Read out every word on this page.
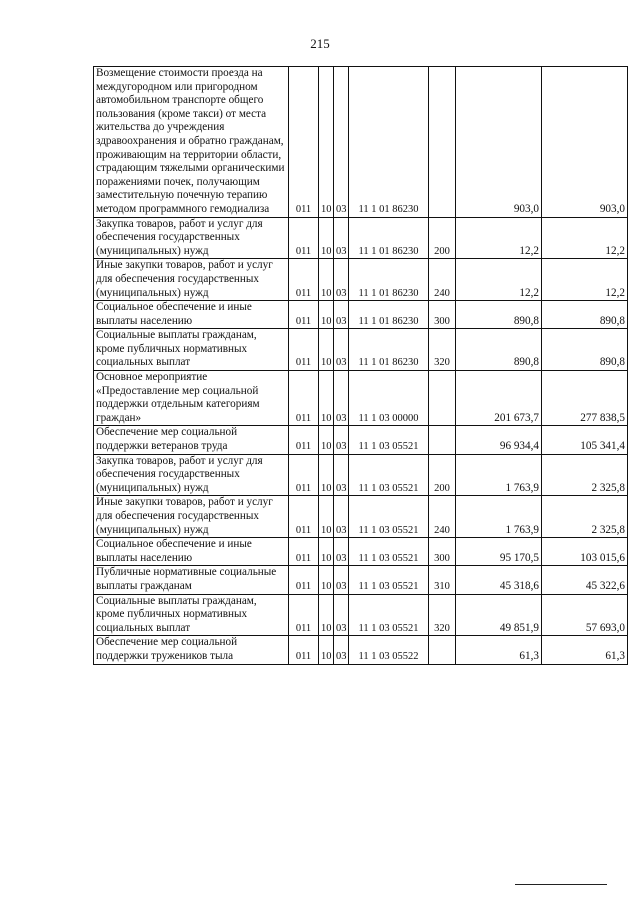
215
Возмещение стоимости проезда на междугородном или пригородном автомобильном транспорте общего пользования (кроме такси) от места жительства до учреждения здравоохранения и обратно гражданам, проживающим на территории области, страдающим тяжелыми органическими поражениями почек, получающим заместительную почечную терапию методом программного гемодиализа	011	10	03	11 1 01 86230		903,0	903,0
Закупка товаров, работ и услуг для обеспечения государственных (муниципальных) нужд	011	10	03	11 1 01 86230	200	12,2	12,2
Иные закупки товаров, работ и услуг для обеспечения государственных (муниципальных) нужд	011	10	03	11 1 01 86230	240	12,2	12,2
Социальное обеспечение и иные выплаты населению	011	10	03	11 1 01 86230	300	890,8	890,8
Социальные выплаты гражданам, кроме публичных нормативных социальных выплат	011	10	03	11 1 01 86230	320	890,8	890,8
Основное мероприятие «Предоставление мер социальной поддержки отдельным категориям граждан»	011	10	03	11 1 03 00000		201 673,7	277 838,5
Обеспечение мер социальной поддержки ветеранов труда	011	10	03	11 1 03 05521		96 934,4	105 341,4
Закупка товаров, работ и услуг для обеспечения государственных (муниципальных) нужд	011	10	03	11 1 03 05521	200	1 763,9	2 325,8
Иные закупки товаров, работ и услуг для обеспечения государственных (муниципальных) нужд	011	10	03	11 1 03 05521	240	1 763,9	2 325,8
Социальное обеспечение и иные выплаты населению	011	10	03	11 1 03 05521	300	95 170,5	103 015,6
Публичные нормативные социальные выплаты гражданам	011	10	03	11 1 03 05521	310	45 318,6	45 322,6
Социальные выплаты гражданам, кроме публичных нормативных социальных выплат	011	10	03	11 1 03 05521	320	49 851,9	57 693,0
Обеспечение мер социальной поддержки тружеников тыла	011	10	03	11 1 03 05522		61,3	61,3
